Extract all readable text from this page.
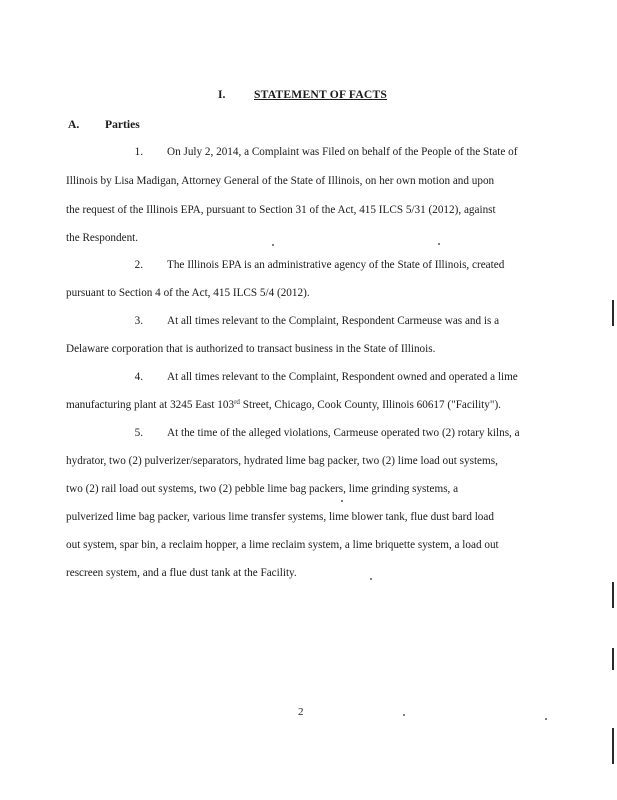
I. STATEMENT OF FACTS
A. Parties
1. On July 2, 2014, a Complaint was Filed on behalf of the People of the State of
Illinois by Lisa Madigan, Attorney General of the State of Illinois, on her own motion and upon
the request of the Illinois EPA, pursuant to Section 31 of the Act, 415 ILCS 5/31 (2012), against
the Respondent.
2. The Illinois EPA is an administrative agency of the State of Illinois, created
pursuant to Section 4 of the Act, 415 ILCS 5/4 (2012).
3. At all times relevant to the Complaint, Respondent Carmeuse was and is a
Delaware corporation that is authorized to transact business in the State of Illinois.
4. At all times relevant to the Complaint, Respondent owned and operated a lime
manufacturing plant at 3245 East 103rd Street, Chicago, Cook County, Illinois 60617 ("Facility").
5. At the time of the alleged violations, Carmeuse operated two (2) rotary kilns, a
hydrator, two (2) pulverizer/separators, hydrated lime bag packer, two (2) lime load out systems,
two (2) rail load out systems, two (2) pebble lime bag packers, lime grinding systems, a
pulverized lime bag packer, various lime transfer systems, lime blower tank, flue dust bard load
out system, spar bin, a reclaim hopper, a lime reclaim system, a lime briquette system, a load out
rescreen system, and a flue dust tank at the Facility.
2
